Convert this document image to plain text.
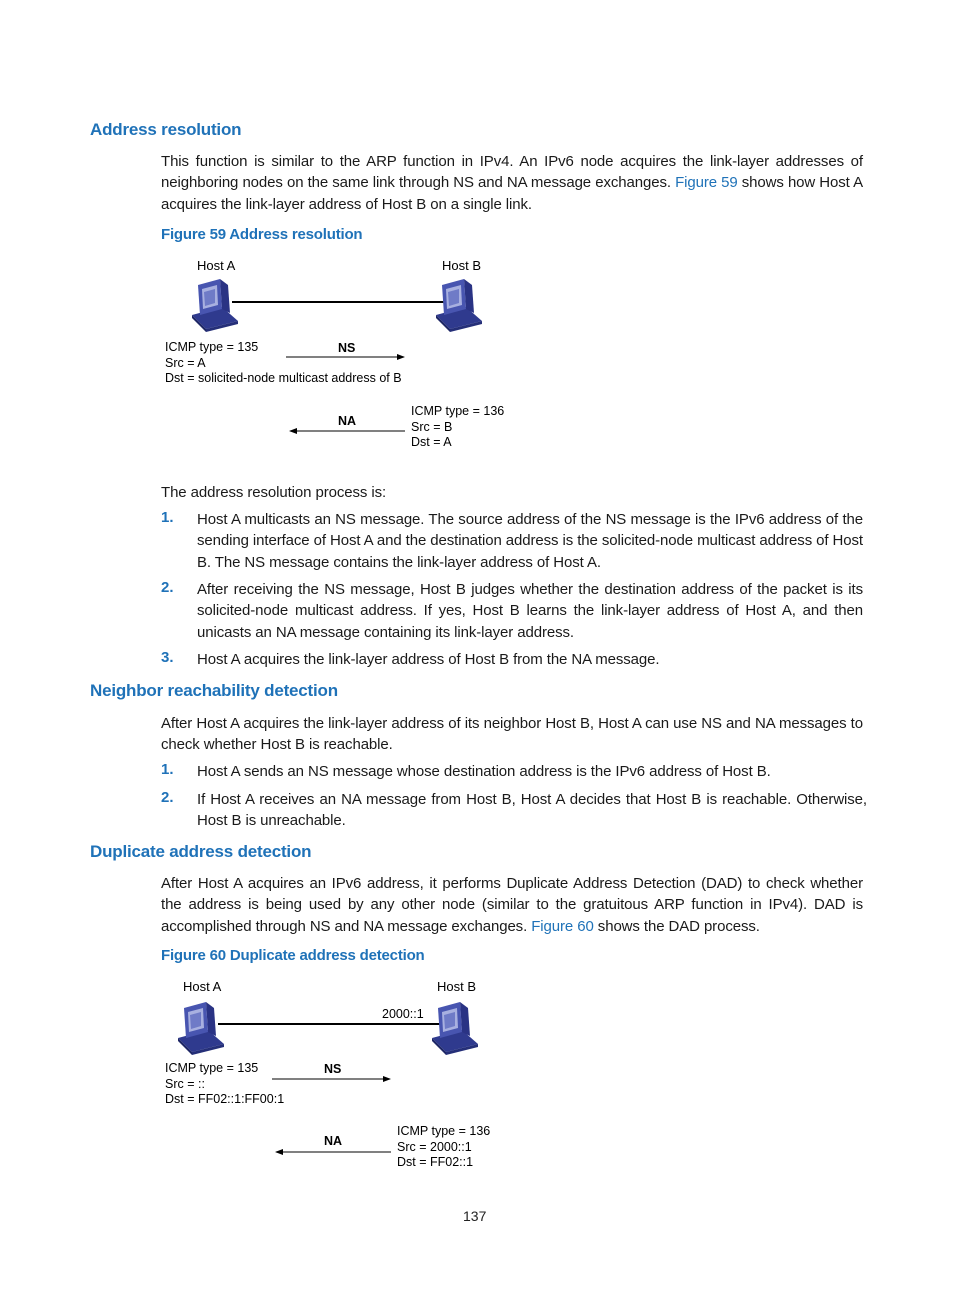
Address resolution
This function is similar to the ARP function in IPv4. An IPv6 node acquires the link-layer addresses of neighboring nodes on the same link through NS and NA message exchanges. Figure 59 shows how Host A acquires the link-layer address of Host B on a single link.
Figure 59 Address resolution
Host A	Host B
NS
NA
ICMP type = 135
Src = A
Dst = solicited-node multicast address of B
ICMP type = 136
Src = B
Dst = A
The address resolution process is:
1. Host A multicasts an NS message. The source address of the NS message is the IPv6 address of the sending interface of Host A and the destination address is the solicited-node multicast address of Host B. The NS message contains the link-layer address of Host A.
2. After receiving the NS message, Host B judges whether the destination address of the packet is its solicited-node multicast address. If yes, Host B learns the link-layer address of Host A, and then unicasts an NA message containing its link-layer address.
3. Host A acquires the link-layer address of Host B from the NA message.
Neighbor reachability detection
After Host A acquires the link-layer address of its neighbor Host B, Host A can use NS and NA messages to check whether Host B is reachable.
1. Host A sends an NS message whose destination address is the IPv6 address of Host B.
2. If Host A receives an NA message from Host B, Host A decides that Host B is reachable. Otherwise, Host B is unreachable.
Duplicate address detection
After Host A acquires an IPv6 address, it performs Duplicate Address Detection (DAD) to check whether the address is being used by any other node (similar to the gratuitous ARP function in IPv4). DAD is accomplished through NS and NA message exchanges. Figure 60 shows the DAD process.
Figure 60 Duplicate address detection
Host A	Host B
2000::1
NS
NA
ICMP type = 135
Src = ::
Dst = FF02::1:FF00:1
ICMP type = 136
Src = 2000::1
Dst = FF02::1
137
